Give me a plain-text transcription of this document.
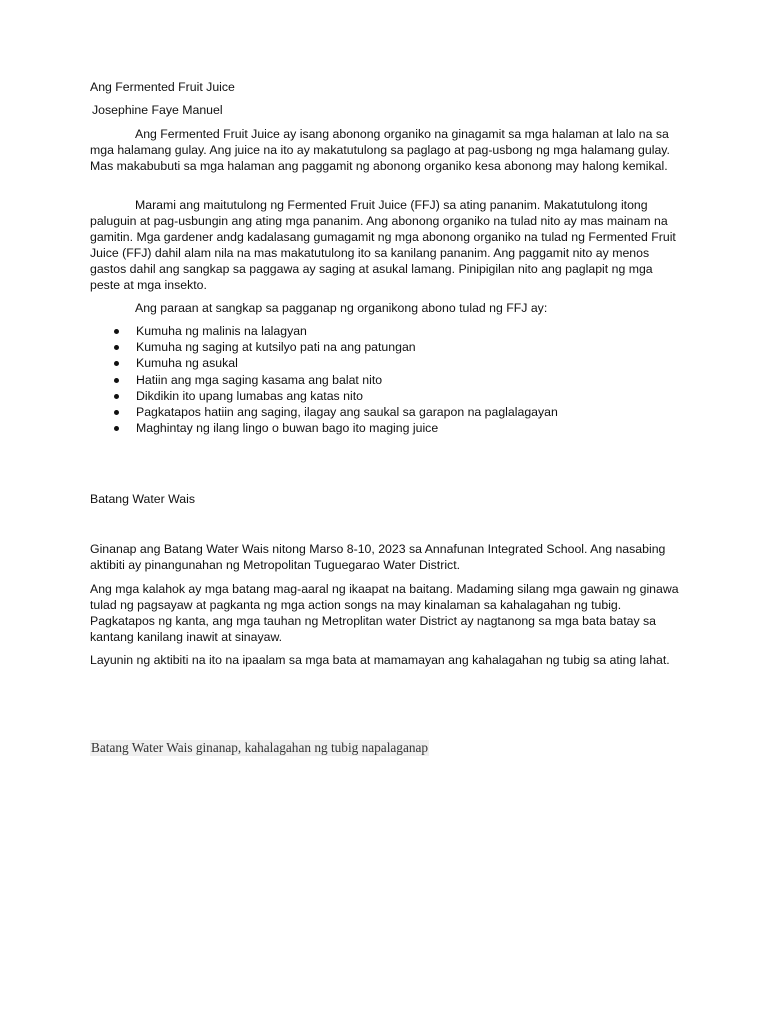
Ang Fermented Fruit Juice
Josephine Faye Manuel
Ang Fermented Fruit Juice ay isang abonong organiko na ginagamit sa mga halaman at lalo na sa mga halamang gulay. Ang juice na ito ay makatutulong sa paglago at pag-usbong ng mga halamang gulay. Mas makabubuti sa mga halaman ang paggamit ng abonong organiko kesa abonong may halong kemikal.
Marami ang maitutulong ng Fermented Fruit Juice (FFJ) sa ating pananim. Makatutulong itong paluguin at pag-usbungin ang ating mga pananim. Ang abonong organiko na tulad nito ay mas mainam na gamitin. Mga gardener andg kadalasang gumagamit ng mga abonong organiko na tulad ng Fermented Fruit Juice (FFJ) dahil alam nila na mas makatutulong ito sa kanilang pananim. Ang paggamit nito ay menos gastos dahil ang sangkap sa paggawa ay saging at asukal lamang. Pinipigilan nito ang paglapit ng mga peste at mga insekto.
Ang paraan at sangkap sa pagganap ng organikong abono tulad ng FFJ ay:
Kumuha ng malinis na lalagyan
Kumuha ng saging at kutsilyo pati na ang patungan
Kumuha ng asukal
Hatiin ang mga saging kasama ang balat nito
Dikdikin ito upang lumabas ang katas nito
Pagkatapos hatiin ang saging, ilagay ang saukal sa garapon na paglalagayan
Maghintay ng ilang lingo o buwan bago ito maging juice
Batang Water Wais
Ginanap ang Batang Water Wais nitong Marso 8-10, 2023 sa Annafunan Integrated School. Ang nasabing aktibiti ay pinangunahan ng Metropolitan Tuguegarao Water District.
Ang mga kalahok ay mga batang mag-aaral ng ikaapat na baitang. Madaming silang mga gawain ng ginawa tulad ng pagsayaw at pagkanta ng mga action songs na may kinalaman sa kahalagahan ng tubig. Pagkatapos ng kanta, ang mga tauhan ng Metroplitan water District ay nagtanong sa mga bata batay sa kantang kanilang inawit at sinayaw.
Layunin ng aktibiti na ito na ipaalam sa mga bata at mamamayan ang kahalagahan ng tubig sa ating lahat.
Batang Water Wais ginanap, kahalagahan ng tubig napalaganap
